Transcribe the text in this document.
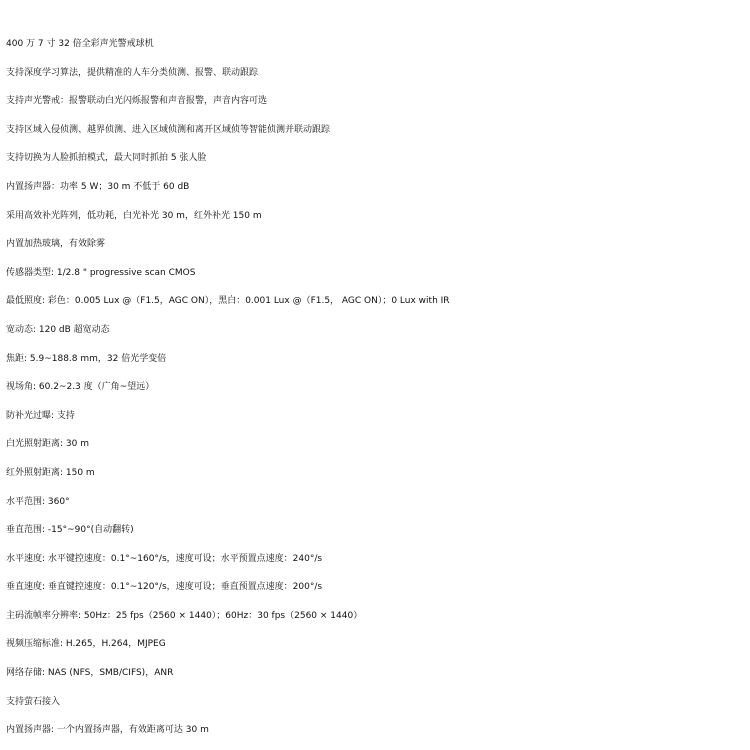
400 万 7 寸 32 倍全彩声光警戒球机
支持深度学习算法，提供精准的人车分类侦测、报警、联动跟踪
支持声光警戒：报警联动白光闪烁报警和声音报警，声音内容可选
支持区域入侵侦测、越界侦测、进入区域侦测和离开区域侦等智能侦测并联动跟踪
支持切换为人脸抓拍模式，最大同时抓拍 5 张人脸
内置扬声器：功率 5 W；30 m 不低于 60 dB
采用高效补光阵列，低功耗，白光补光 30 m，红外补光 150 m
内置加热玻璃，有效除雾
传感器类型: 1/2.8 " progressive scan CMOS
最低照度: 彩色：0.005 Lux @（F1.5，AGC ON），黑白：0.001 Lux @（F1.5， AGC ON）；0 Lux with IR
宽动态: 120 dB 超宽动态
焦距: 5.9~188.8 mm，32 倍光学变倍
视场角: 60.2~2.3 度（广角~望远）
防补光过曝: 支持
白光照射距离: 30 m
红外照射距离: 150 m
水平范围: 360°
垂直范围: -15°~90°(自动翻转)
水平速度: 水平键控速度：0.1°~160°/s，速度可设；水平预置点速度：240°/s
垂直速度: 垂直键控速度：0.1°~120°/s，速度可设；垂直预置点速度：200°/s
主码流帧率分辨率: 50Hz：25 fps（2560 × 1440）；60Hz：30 fps（2560 × 1440）
视频压缩标准: H.265，H.264，MJPEG
网络存储: NAS (NFS，SMB/CIFS)，ANR
支持萤石接入
内置扬声器: 一个内置扬声器，有效距离可达 30 m
